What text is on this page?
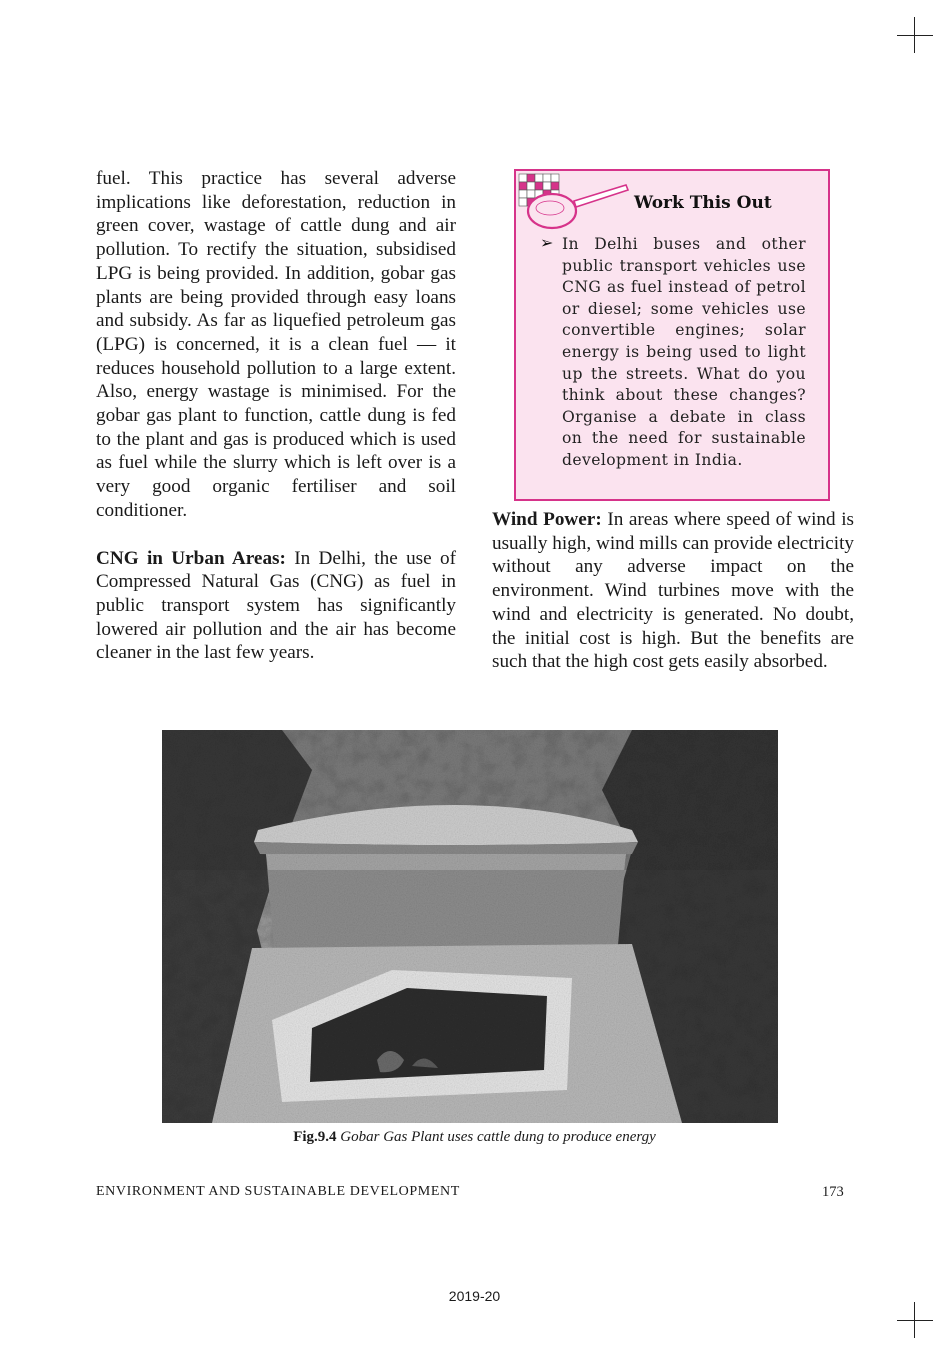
fuel. This practice has several adverse implications like deforestation, reduction in green cover, wastage of cattle dung and air pollution. To rectify the situation, subsidised LPG is being provided. In addition, gobar gas plants are being provided through easy loans and subsidy. As far as liquefied petroleum gas (LPG) is concerned, it is a clean fuel — it reduces household pollution to a large extent. Also, energy wastage is minimised. For the gobar gas plant to function, cattle dung is fed to the plant and gas is produced which is used as fuel while the slurry which is left over is a very good organic fertiliser and soil conditioner.

CNG in Urban Areas: In Delhi, the use of Compressed Natural Gas (CNG) as fuel in public transport system has significantly lowered air pollution and the air has become cleaner in the last few years.

Work This Out
➢ In Delhi buses and other public transport vehicles use CNG as fuel instead of petrol or diesel; some vehicles use convertible engines; solar energy is being used to light up the streets. What do you think about these changes? Organise a debate in class on the need for sustainable development in India.

Wind Power: In areas where speed of wind is usually high, wind mills can provide electricity without any adverse impact on the environment. Wind turbines move with the wind and electricity is generated. No doubt, the initial cost is high. But the benefits are such that the high cost gets easily absorbed.

Fig.9.4 Gobar Gas Plant uses cattle dung to produce energy
ENVIRONMENT AND SUSTAINABLE DEVELOPMENT	173
2019-20
